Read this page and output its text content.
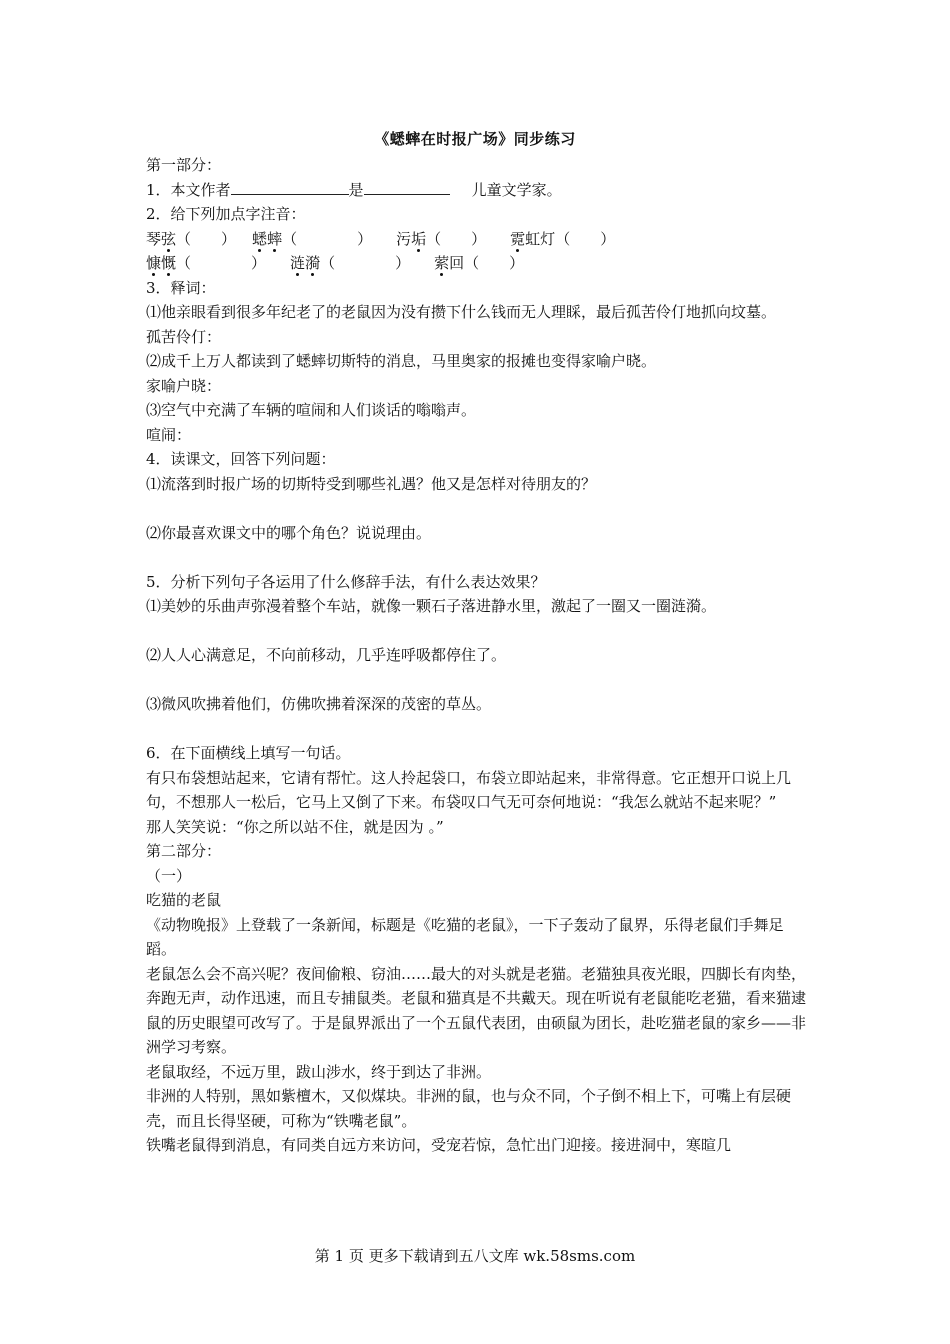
《蟋蟀在时报广场》同步练习

第一部分：

1．本文作者	是	儿童文学家。

2．给下列加点字注音：

琴弦（　　） 蟋蟀（　　　　） 污垢（　　） 霓虹灯（　　）
慷慨（　　　　） 涟漪（　　　　） 萦回（　　）

3．释词：

⑴他亲眼看到很多年纪老了的老鼠因为没有攒下什么钱而无人理睬，最后孤苦伶仃地抓向坟墓。

孤苦伶仃：

⑵成千上万人都读到了蟋蟀切斯特的消息，马里奥家的报摊也变得家喻户晓。

家喻户晓：

⑶空气中充满了车辆的喧闹和人们谈话的嗡嗡声。

喧闹：

4．读课文，回答下列问题：

⑴流落到时报广场的切斯特受到哪些礼遇？他又是怎样对待朋友的？

⑵你最喜欢课文中的哪个角色？说说理由。

5．分析下列句子各运用了什么修辞手法，有什么表达效果？

⑴美妙的乐曲声弥漫着整个车站，就像一颗石子落进静水里，激起了一圈又一圈涟漪。

⑵人人心满意足，不向前移动，几乎连呼吸都停住了。

⑶微风吹拂着他们，仿佛吹拂着深深的茂密的草丛。

6．在下面横线上填写一句话。

有只布袋想站起来，它请有帮忙。这人拎起袋口，布袋立即站起来，非常得意。它正想开口说上几句，不想那人一松后，它马上又倒了下来。布袋叹口气无可奈何地说：“我怎么就站不起来呢？”

那人笑笑说：“你之所以站不住，就是因为 。”

第二部分：

（一）

吃猫的老鼠

《动物晚报》上登载了一条新闻，标题是《吃猫的老鼠》，一下子轰动了鼠界，乐得老鼠们手舞足蹈。

老鼠怎么会不高兴呢？夜间偷粮、窃油……最大的对头就是老猫。老猫独具夜光眼，四脚长有肉垫，奔跑无声，动作迅速，而且专捕鼠类。老鼠和猫真是不共戴天。现在听说有老鼠能吃老猫，看来猫逮鼠的历史眼望可改写了。于是鼠界派出了一个五鼠代表团，由硕鼠为团长，赴吃猫老鼠的家乡——非洲学习考察。

老鼠取经，不远万里，跋山涉水，终于到达了非洲。

非洲的人特别，黑如紫檀木，又似煤块。非洲的鼠，也与众不同，个子倒不相上下，可嘴上有层硬壳，而且长得坚硬，可称为“铁嘴老鼠”。

铁嘴老鼠得到消息，有同类自远方来访问，受宠若惊，急忙出门迎接。接进洞中，寒暄几

第 1 页 更多下载请到五八文库 wk.58sms.com
